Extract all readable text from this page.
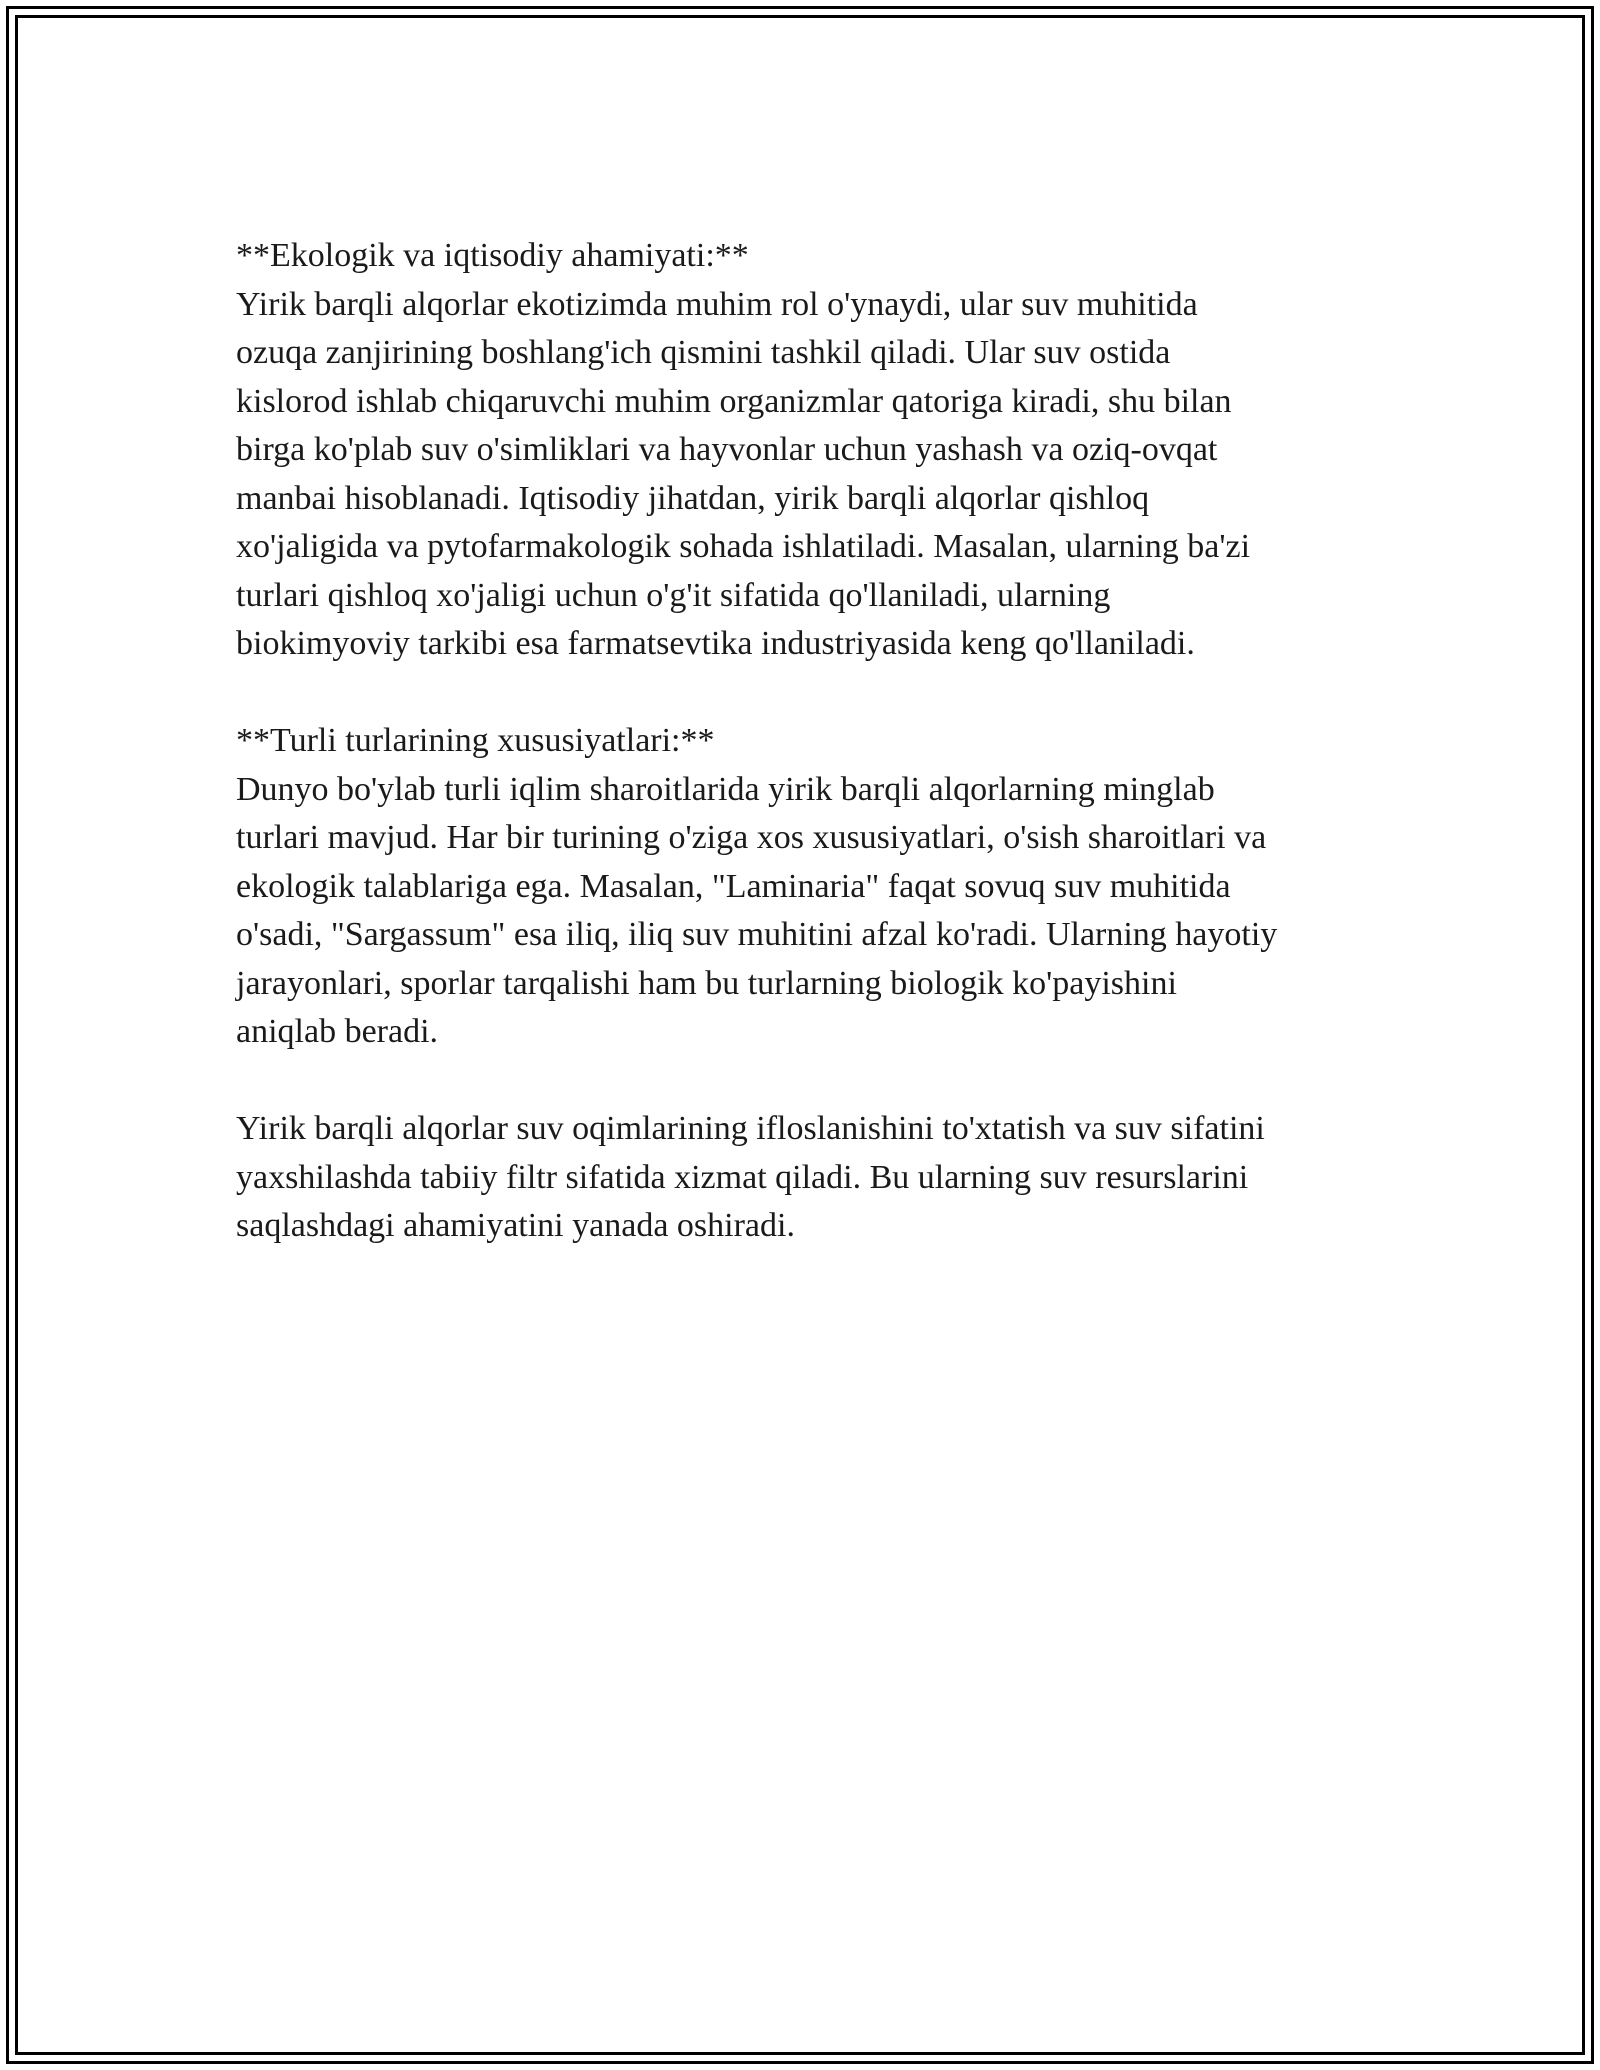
**Ekologik va iqtisodiy ahamiyati:**

Yirik barqli alqorlar ekotizimda muhim rol o'ynaydi, ular suv muhitida
ozuqa zanjirining boshlang'ich qismini tashkil qiladi. Ular suv ostida
kislorod ishlab chiqaruvchi muhim organizmlar qatoriga kiradi, shu bilan
birga ko'plab suv o'simliklari va hayvonlar uchun yashash va oziq-ovqat
manbai hisoblanadi. Iqtisodiy jihatdan, yirik barqli alqorlar qishloq
xo'jaligida va pytofarmakologik sohada ishlatiladi. Masalan, ularning ba'zi
turlari qishloq xo'jaligi uchun o'g'it sifatida qo'llaniladi, ularning
biokimyoviy tarkibi esa farmatsevtika industriyasida keng qo'llaniladi.

**Turli turlarining xususiyatlari:**

Dunyo bo'ylab turli iqlim sharoitlarida yirik barqli alqorlarning minglab
turlari mavjud. Har bir turining o'ziga xos xususiyatlari, o'sish sharoitlari va
ekologik talablariga ega. Masalan, "Laminaria" faqat sovuq suv muhitida
o'sadi, "Sargassum" esa iliq, iliq suv muhitini afzal ko'radi. Ularning hayotiy
jarayonlari, sporlar tarqalishi ham bu turlarning biologik ko'payishini
aniqlab beradi.

Yirik barqli alqorlar suv oqimlarining ifloslanishini to'xtatish va suv sifatini
yaxshilashda tabiiy filtr sifatida xizmat qiladi. Bu ularning suv resurslarini
saqlashdagi ahamiyatini yanada oshiradi.
